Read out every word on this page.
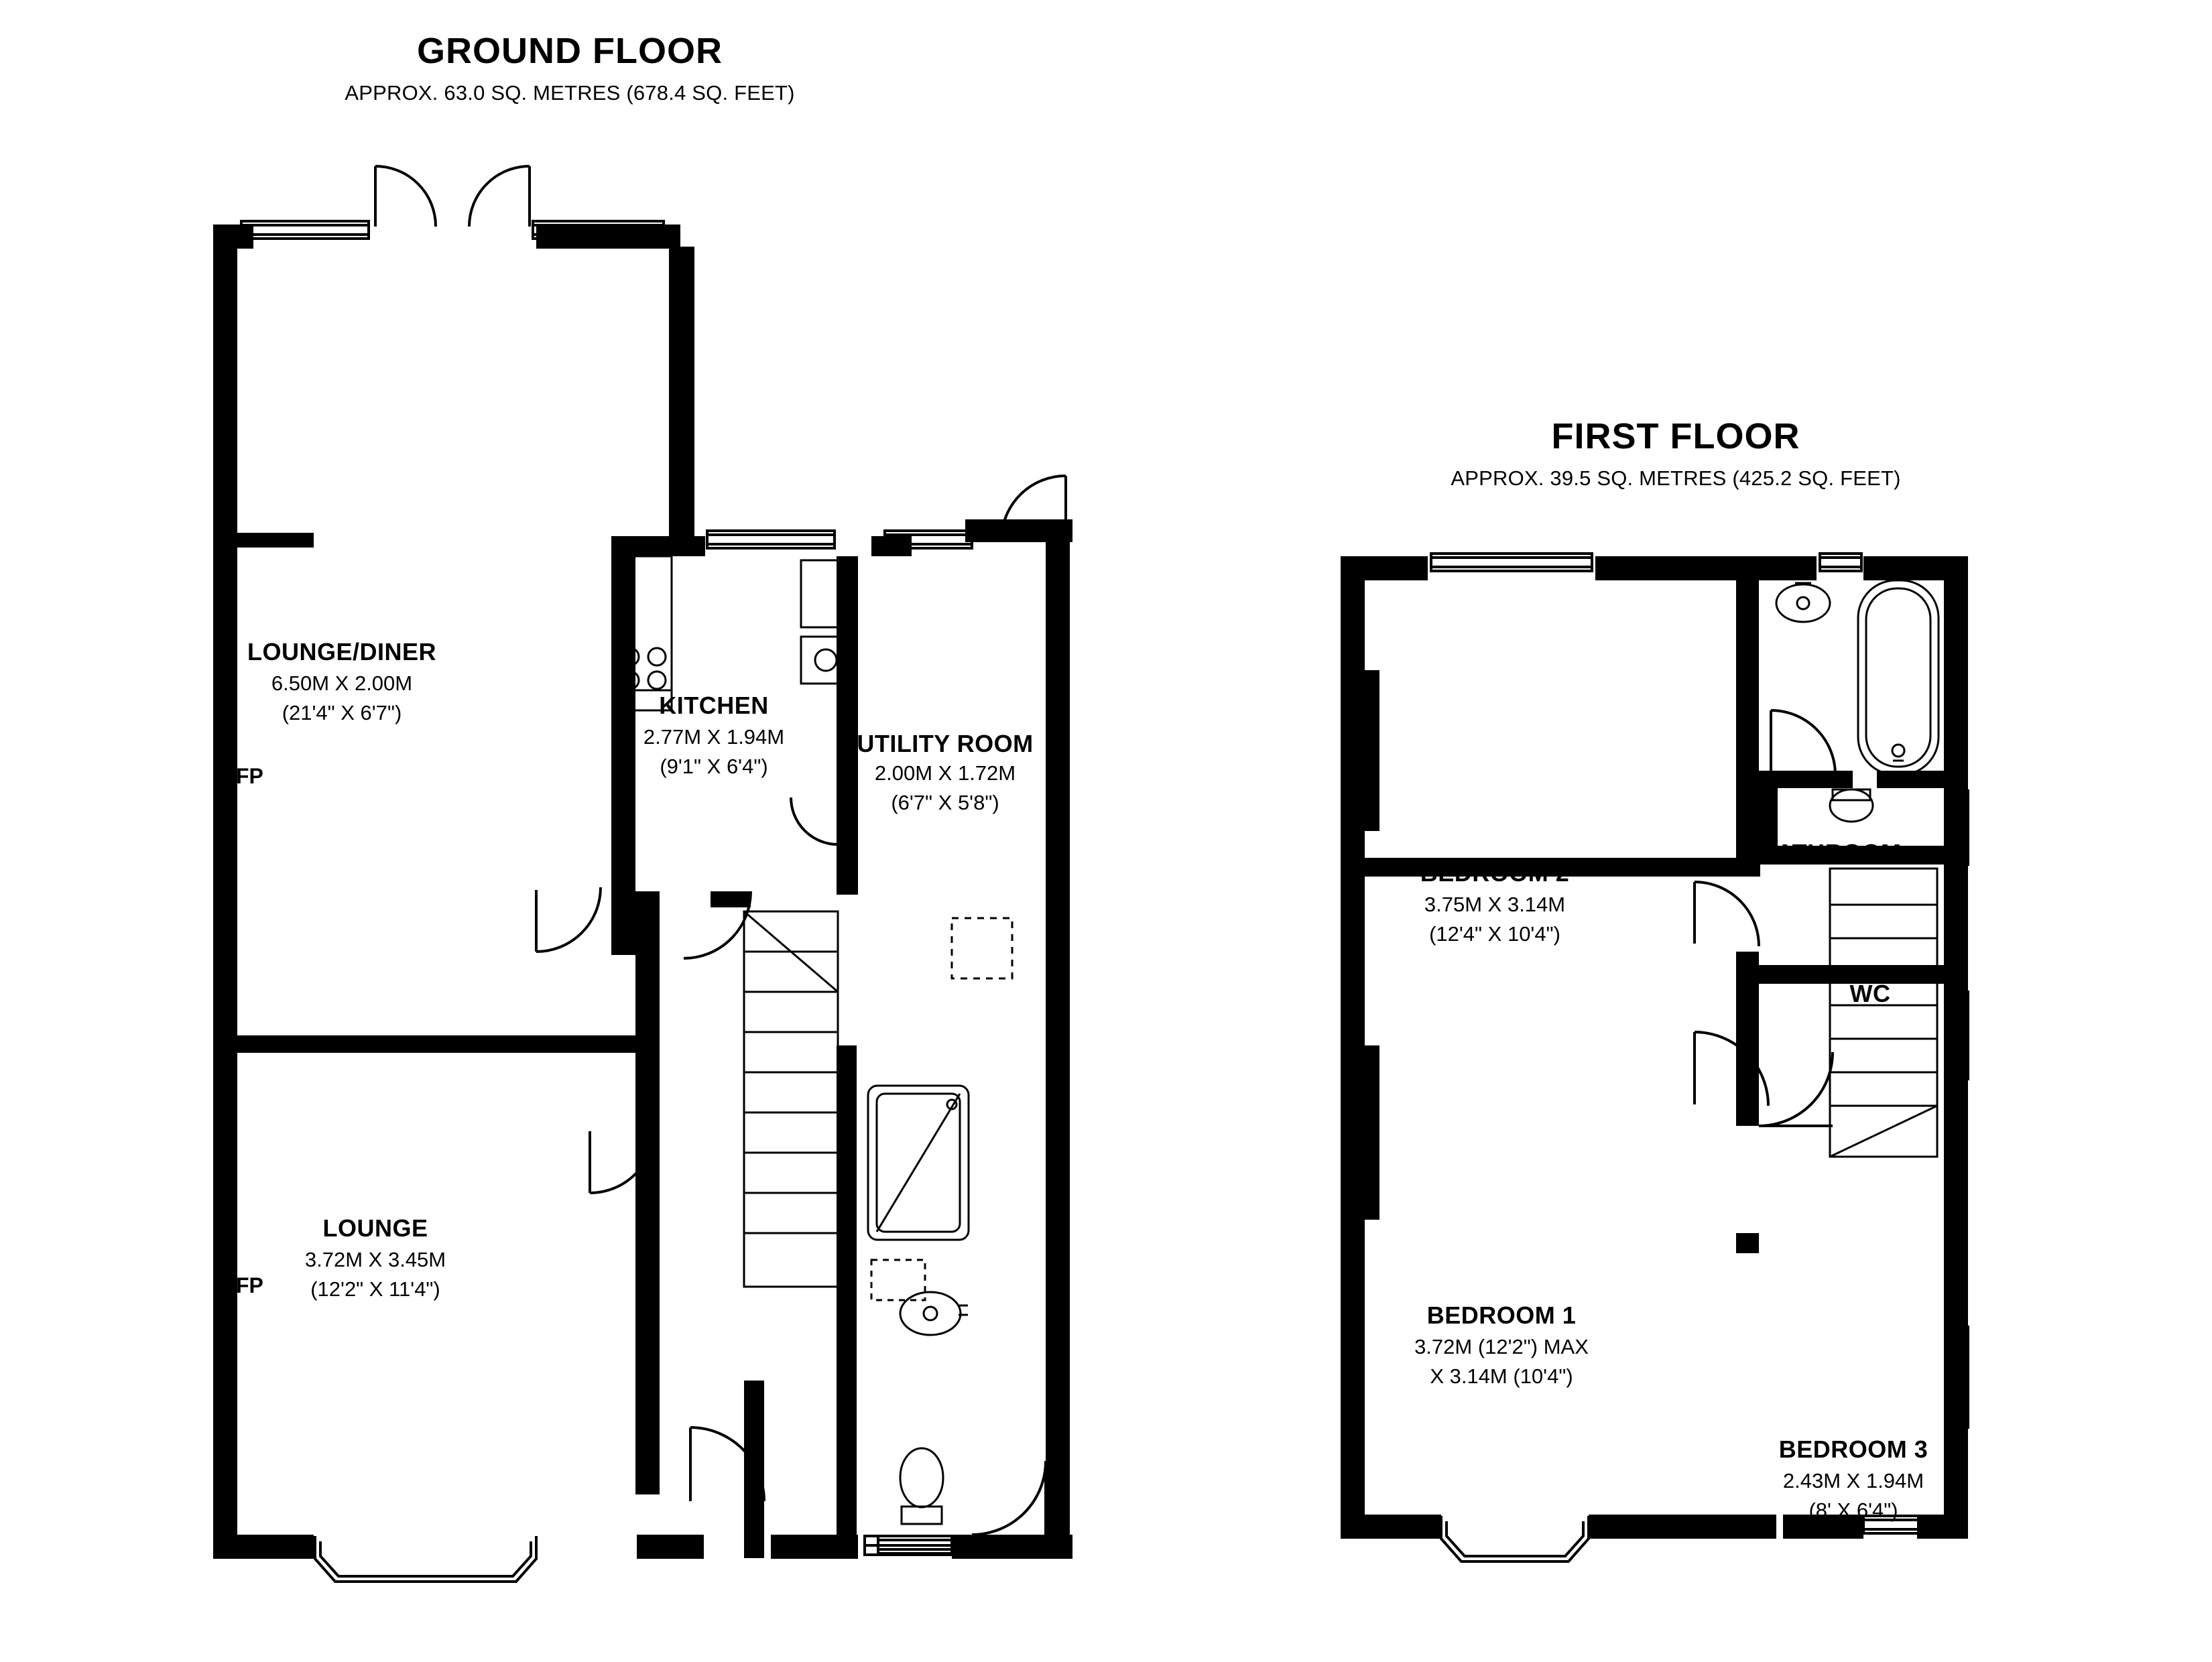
GROUND FLOOR
APPROX. 63.0 SQ. METRES (678.4 SQ. FEET)
FIRST FLOOR
APPROX. 39.5 SQ. METRES (425.2 SQ. FEET)
LOUNGE/DINER
6.50M X 2.00M
(21'4" X 6'7")	KITCHEN
2.77M X 1.94M
(9'1" X 6'4")
UTILITY ROOM
2.00M X 1.72M
(6'7" X 5'8")
LOUNGE
3.72M X 3.45M
(12'2" X 11'4")
FP
FP
BEDROOM 2
3.75M X 3.14M
(12'4" X 10'4")
BEDROOM 1
3.72M (12'2") MAX
X 3.14M (10'4")
BEDROOM 3
2.43M X 1.94M
(8' X 6'4")
BATHROOM
WC
